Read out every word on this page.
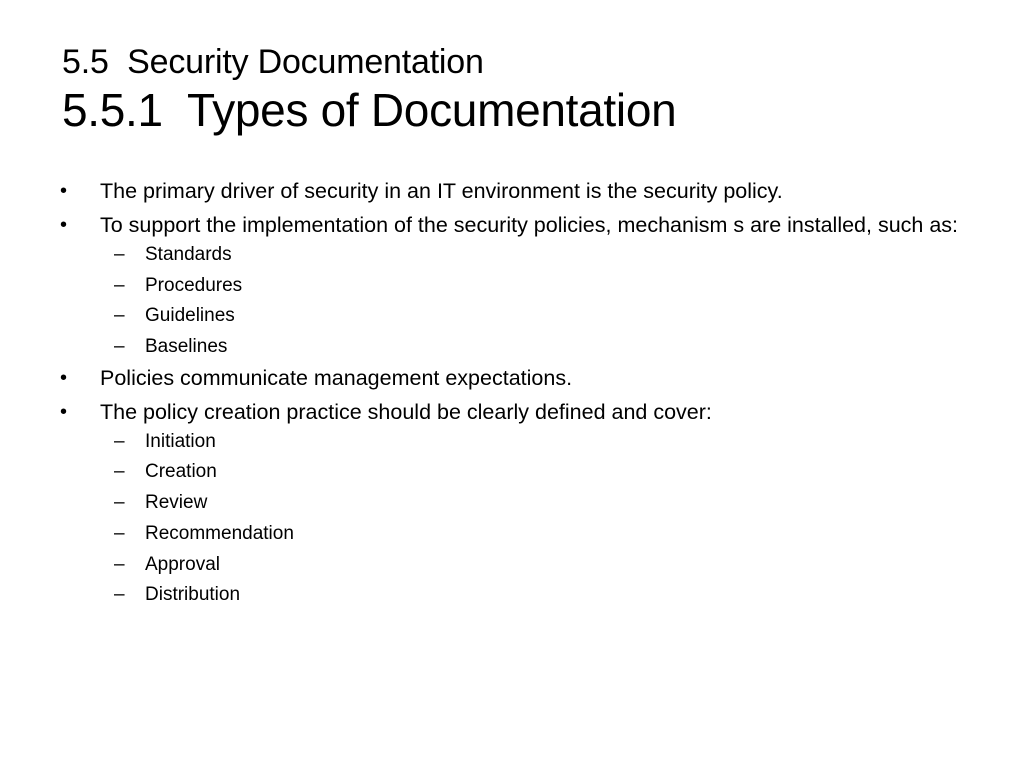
5.5  Security Documentation
5.5.1  Types of Documentation
•	The primary driver of security in an IT environment is the security policy.
•	To support the implementation of the security policies, mechanism s are installed, such as:
– Standards
– Procedures
– Guidelines
– Baselines
•	Policies communicate management expectations.
•	The policy creation practice should be clearly defined and cover:
– Initiation
– Creation
– Review
– Recommendation
– Approval
– Distribution
